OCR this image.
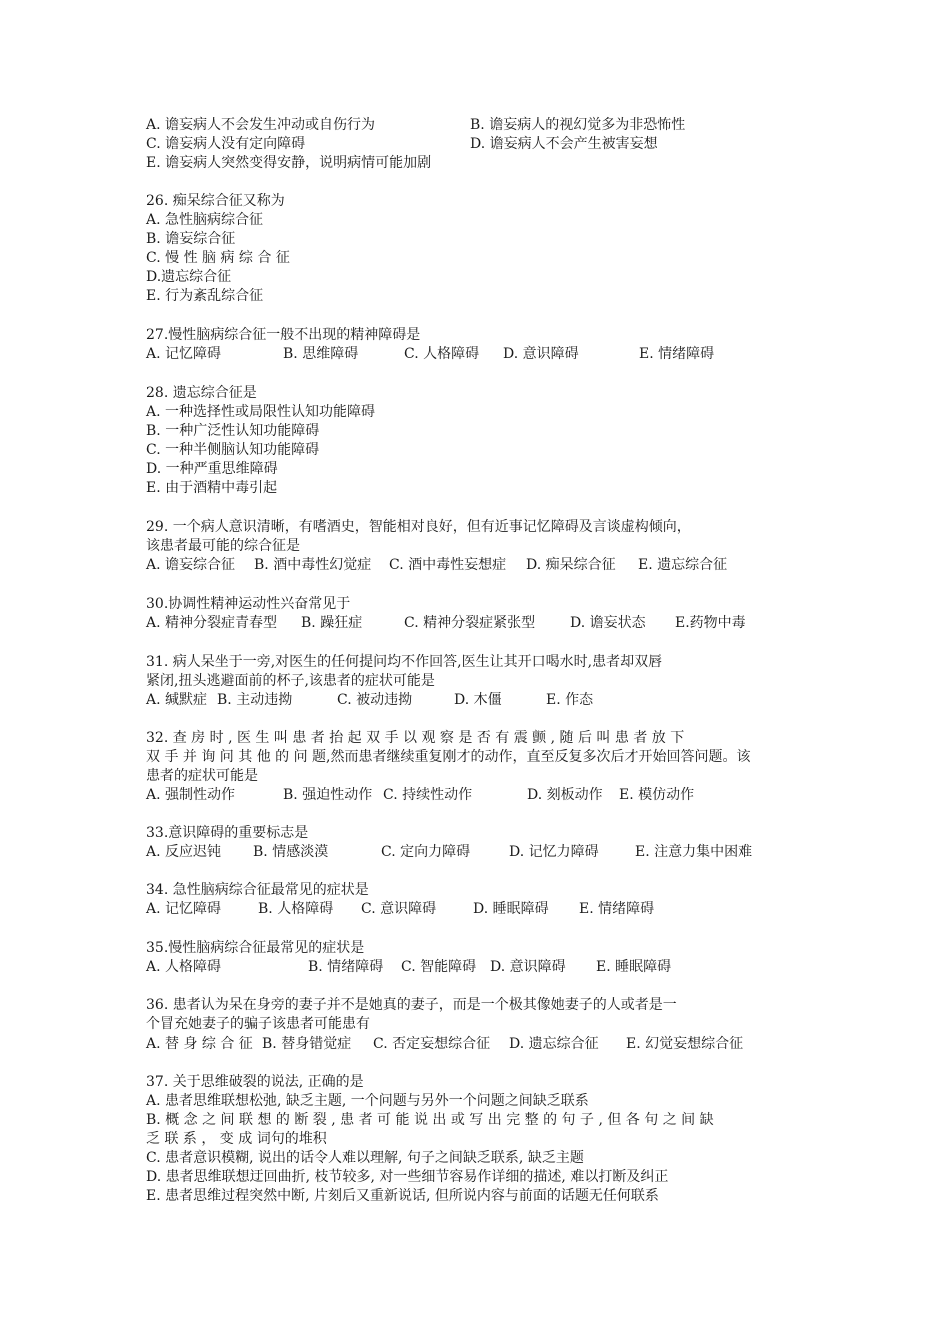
A. 谵妄病人不会发生冲动或自伤行为	B. 谵妄病人的视幻觉多为非恐怖性
C. 谵妄病人没有定向障碍	D. 谵妄病人不会产生被害妄想
E. 谵妄病人突然变得安静，说明病情可能加剧
26. 痴呆综合征又称为
A. 急性脑病综合征
B. 谵妄综合征
C. 慢 性 脑 病 综 合 征
D.遗忘综合征
E. 行为紊乱综合征
27.慢性脑病综合征一般不出现的精神障碍是
A. 记忆障碍	B. 思维障碍	C. 人格障碍 D. 意识障碍	E. 情绪障碍
28. 遗忘综合征是
A. 一种选择性或局限性认知功能障碍
B. 一种广泛性认知功能障碍
C. 一种半侧脑认知功能障碍
D. 一种严重思维障碍
E. 由于酒精中毒引起
29. 一个病人意识清晰，有嗜酒史，智能相对良好，但有近事记忆障碍及言谈虚构倾向，
该患者最可能的综合征是
A. 谵妄综合征 B. 酒中毒性幻觉症 C. 酒中毒性妄想症 D. 痴呆综合征 E. 遗忘综合征
30.协调性精神运动性兴奋常见于
A. 精神分裂症青春型 B. 躁狂症	C. 精神分裂症紧张型 D. 谵妄状态 E.药物中毒
31. 病人呆坐于一旁,对医生的任何提问均不作回答,医生让其开口喝水时,患者却双唇
紧闭,扭头逃避面前的杯子,该患者的症状可能是
A. 缄默症 B. 主动违拗	C. 被动违拗	D. 木僵	E. 作态
32. 查 房 时 , 医 生 叫 患 者 抬 起 双 手 以 观 察 是 否 有 震 颤 , 随 后 叫 患 者 放 下
双 手 并 询 问 其 他 的 问 题,然而患者继续重复刚才的动作，直至反复多次后才开始回答问题。该
患者的症状可能是
A. 强制性动作	B. 强迫性动作 C. 持续性动作	D. 刻板动作 E. 模仿动作
33.意识障碍的重要标志是
A. 反应迟钝 B. 情感淡漠	C. 定向力障碍	D. 记忆力障碍	E. 注意力集中困难
34. 急性脑病综合征最常见的症状是
A. 记忆障碍	B. 人格障碍 C. 意识障碍	D. 睡眠障碍 E. 情绪障碍
35.慢性脑病综合征最常见的症状是
A. 人格障碍	B. 情绪障碍 C. 智能障碍 D. 意识障碍 E. 睡眠障碍
36. 患者认为呆在身旁的妻子并不是她真的妻子，而是一个极其像她妻子的人或者是一
个冒充她妻子的骗子该患者可能患有
A. 替 身 综 合 征 B. 替身错觉症 C. 否定妄想综合征 D. 遗忘综合征 E. 幻觉妄想综合征
37. 关于思维破裂的说法, 正确的是
A. 患者思维联想松弛, 缺乏主题, 一个问题与另外一个问题之间缺乏联系
B. 概 念 之 间 联 想 的 断 裂 , 患 者 可 能 说 出 或 写 出 完 整 的 句 子 , 但 各 句 之 间 缺
乏 联 系 ， 变 成 词句的堆积
C. 患者意识模糊, 说出的话令人难以理解, 句子之间缺乏联系, 缺乏主题
D. 患者思维联想迂回曲折, 枝节较多, 对一些细节容易作详细的描述, 难以打断及纠正
E. 患者思维过程突然中断, 片刻后又重新说话, 但所说内容与前面的话题无任何联系
